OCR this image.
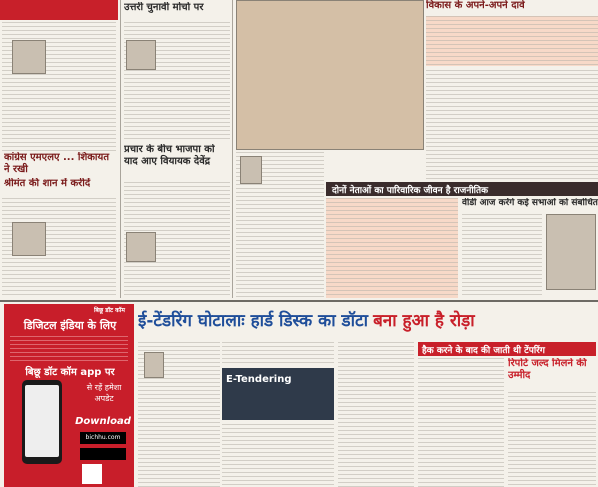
कांग्रेस एमएलए ... शिकायत ने रखी
श्रीमंत की शान में करीदें
उत्तरी चुनावी मोर्चा पर
प्रचार के बीच भाजपा को याद आए वियायक देवेंद्र
विकास के अपने-अपने दावे
दोनों नेताओं का पारिवारिक जीवन है राजनीतिक
वीडी आज करेंगे कई सभाओं को संबोधित
बिछू डॉट कॉम
डिजिटल इंडिया के लिए
बिछू डॉट कॉम app पर
से रहें हमेशा अपडेट
Download
bichhu.com
ई-टेंडरिंग घोटालाः हार्ड डिस्क का डॉटा बना हुआ है रोड़ा
E-Tendering
हैक करने के बाद की जाती थी टेंपरिंग
रिपोर्ट जल्द मिलने की उम्मीद
